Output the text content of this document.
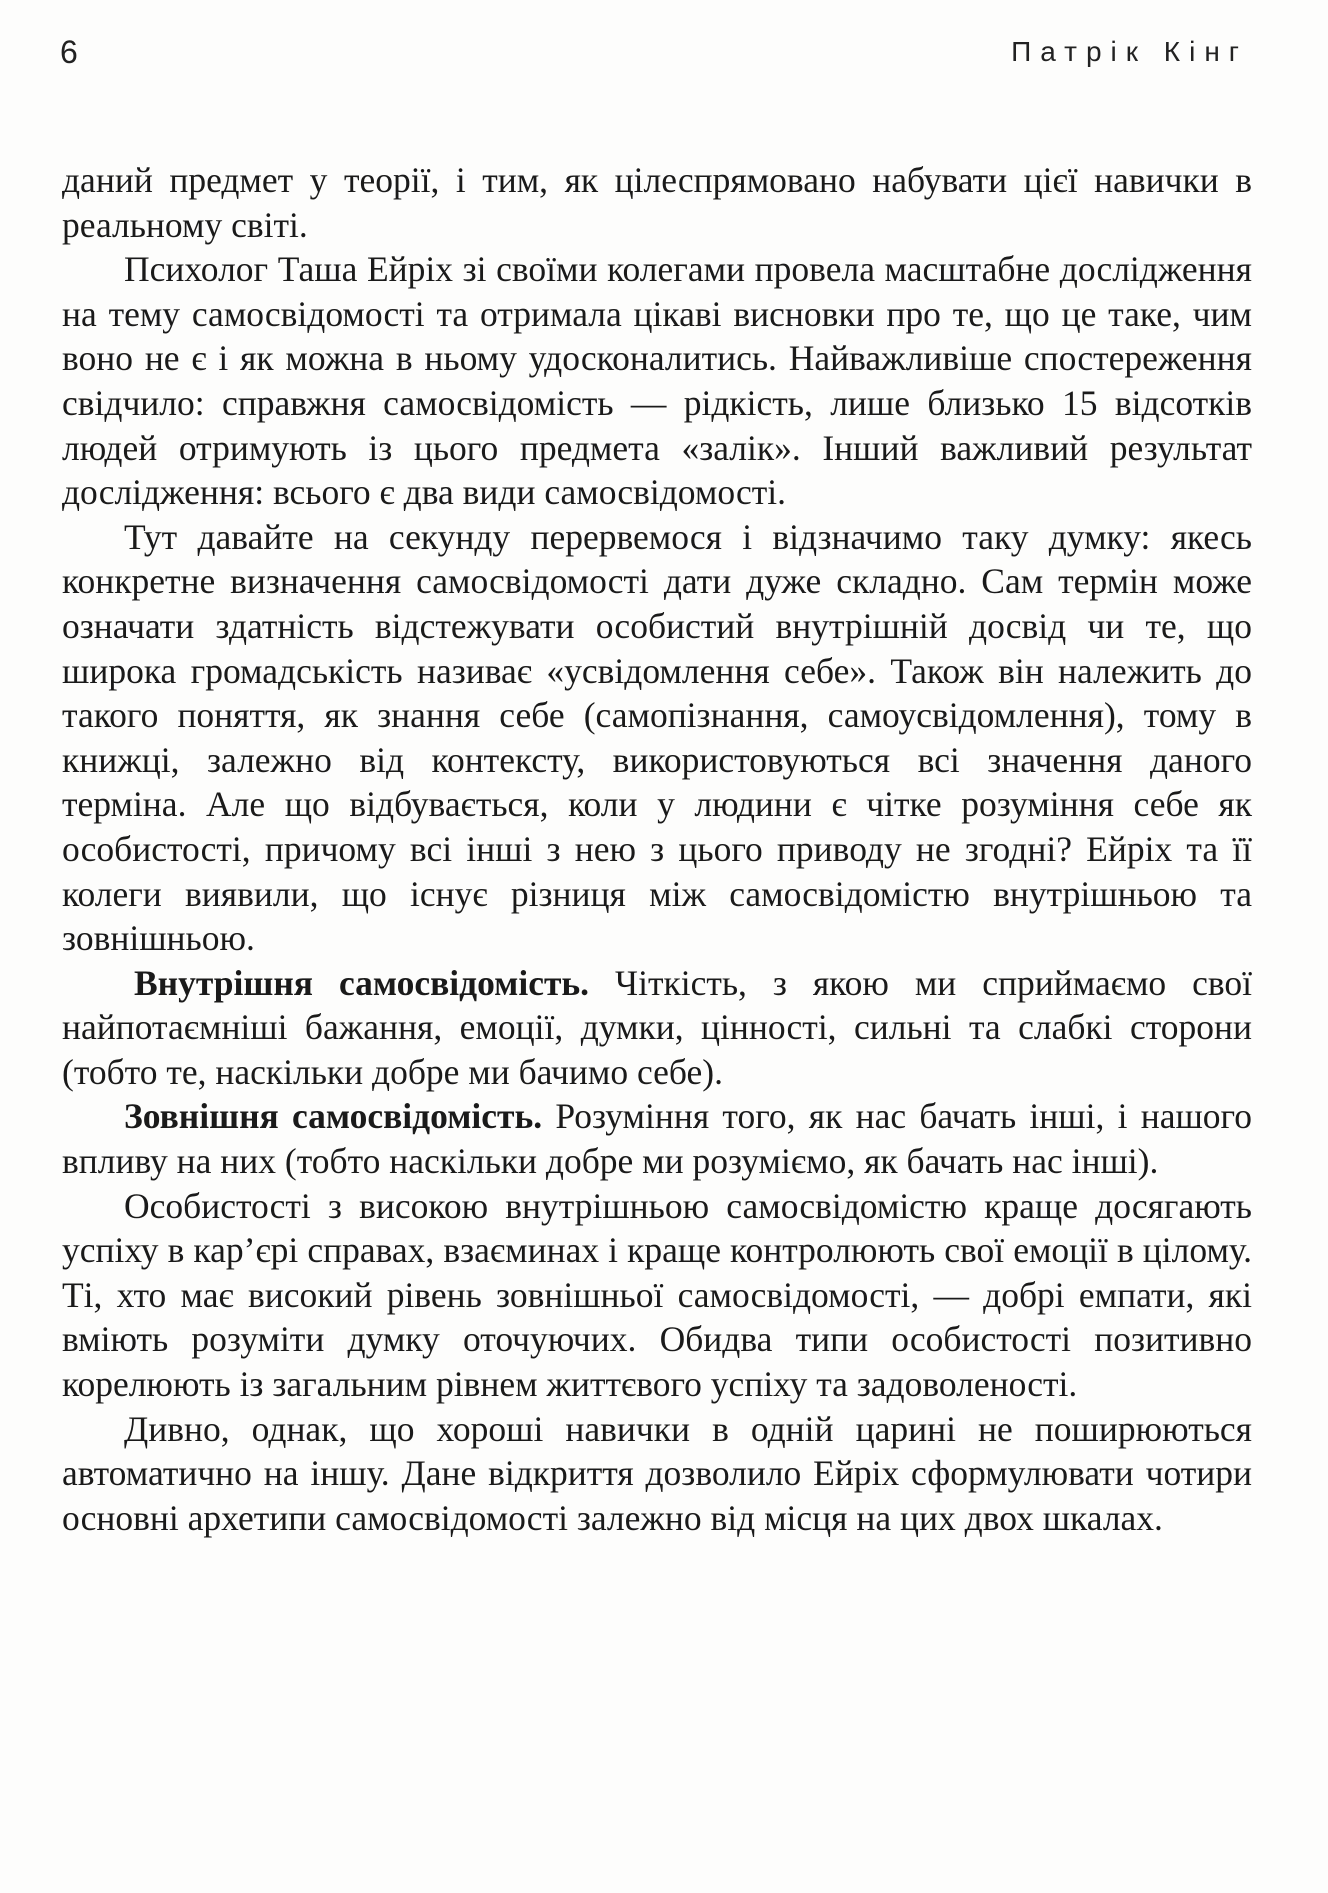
6	Патрік Кінг

даний предмет у теорії, і тим, як цілеспрямовано набувати цієї навички в реальному світі.

Психолог Таша Ейріх зі своїми колегами провела масштабне дослідження на тему самосвідомості та отримала цікаві висновки про те, що це таке, чим воно не є і як можна в ньому удосконалитись. Найважливіше спостереження свідчило: справжня самосвідомість — рідкість, лише близько 15 відсотків людей отримують із цього предмета «залік». Інший важливий результат дослідження: всього є два види самосвідомості.

Тут давайте на секунду перервемося і відзначимо таку думку: якесь конкретне визначення самосвідомості дати дуже складно. Сам термін може означати здатність відстежувати особистий внутрішній досвід чи те, що широка громадськість називає «усвідомлення себе». Також він належить до такого поняття, як знання себе (самопізнання, самоусвідомлення), тому в книжці, залежно від контексту, використовуються всі значення даного терміна. Але що відбувається, коли у людини є чітке розуміння себе як особистості, причому всі інші з нею з цього приводу не згодні? Ейріх та її колеги виявили, що існує різниця між самосвідомістю внутрішньою та зовнішньою.

Внутрішня самосвідомість. Чіткість, з якою ми сприймаємо свої найпотаємніші бажання, емоції, думки, цінності, сильні та слабкі сторони (тобто те, наскільки добре ми бачимо себе).

Зовнішня самосвідомість. Розуміння того, як нас бачать інші, і нашого впливу на них (тобто наскільки добре ми розуміємо, як бачать нас інші).

Особистості з високою внутрішньою самосвідомістю краще досягають успіху в кар’єрі справах, взаєминах і краще контролюють свої емоції в цілому. Ті, хто має високий рівень зовнішньої самосвідомості, — добрі емпати, які вміють розуміти думку оточуючих. Обидва типи особистості позитивно корелюють із загальним рівнем життєвого успіху та задоволеності.

Дивно, однак, що хороші навички в одній царині не поширюються автоматично на іншу. Дане відкриття дозволило Ейріх сформулювати чотири основні архетипи самосвідомості залежно від місця на цих двох шкалах.
